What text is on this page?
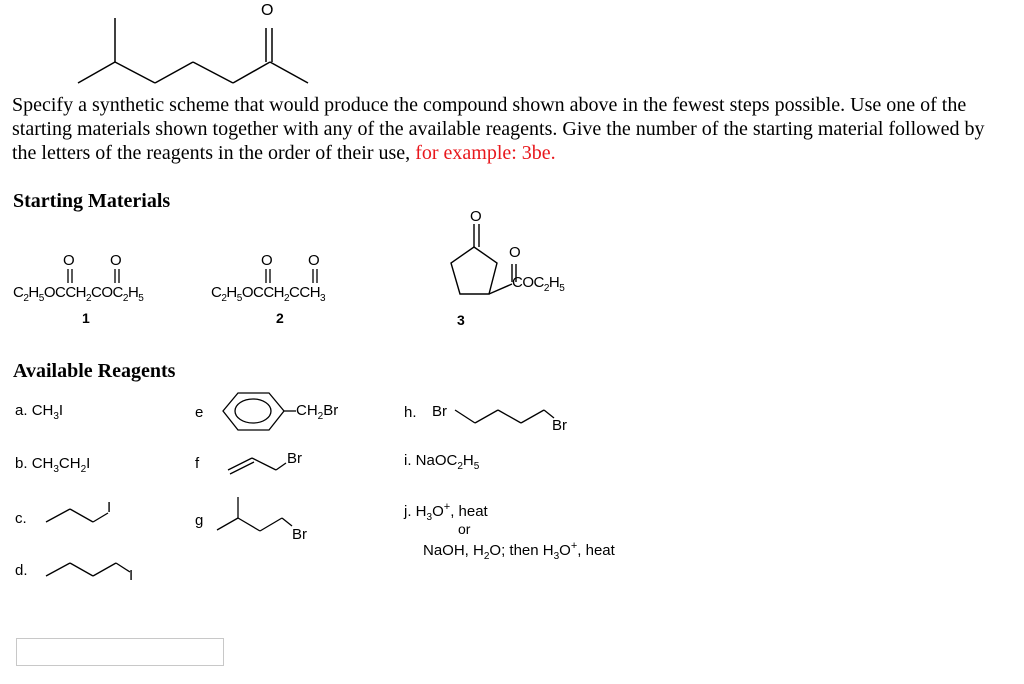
O
Specify a synthetic scheme that would produce the compound shown above in the fewest steps possible. Use one of the starting materials shown together with any of the available reagents. Give the number of the starting material followed by the letters of the reagents in the order of their use, for example: 3be.
Starting Materials
O O
$C_2H_5OCCH_2COC_2H_5$
1
O O
$C_2H_5OCCH_2CCH_3$
2
O
O
$COC_2H_5$
3
Available Reagents
a. $CH_3I$
b. $CH_3CH_2I$
c.
I
d.	I
e	$CH_2Br$
f	Br
g
Br
h. Br
Br
i. $NaOC_2H_5$
j. $H_3O^+$, heat
or
NaOH, $H_2O$; then $H_3O^+$, heat
